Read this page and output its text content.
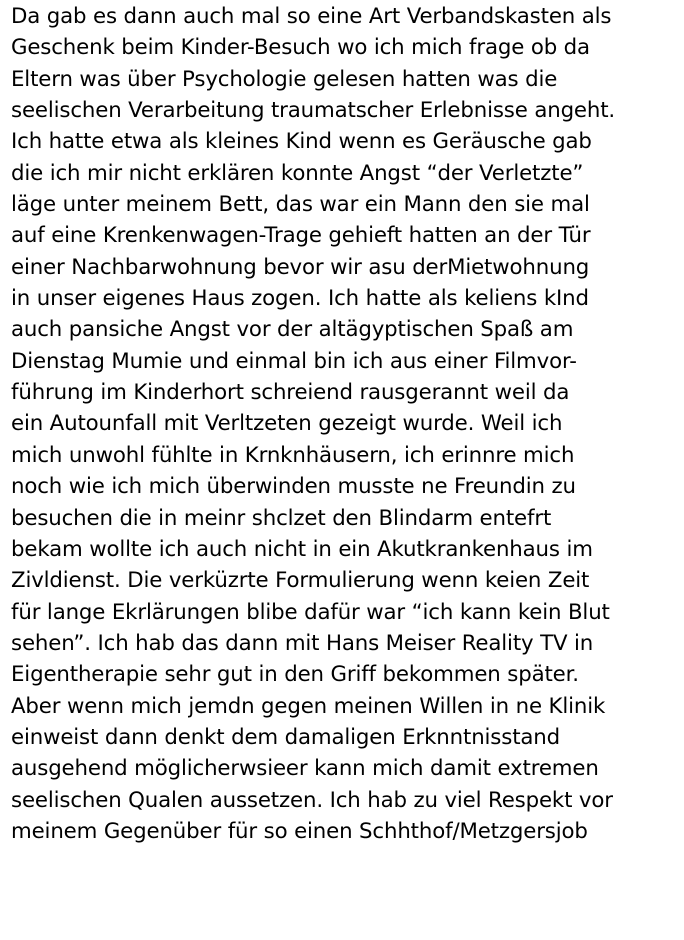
Da gab es dann auch mal so eine Art Verbandskasten als
Geschenk beim Kinder-Besuch wo ich mich frage ob da
Eltern was über Psychologie gelesen hatten was die
seelischen Verarbeitung traumatscher Erlebnisse angeht.
Ich hatte etwa als kleines Kind wenn es Geräusche gab
die ich mir nicht erklären konnte Angst “der Verletzte”
läge unter meinem Bett, das war ein Mann den sie mal
auf eine Krenkenwagen-Trage gehieft hatten an der Tür
einer Nachbarwohnung bevor wir asu derMietwohnung
in unser eigenes Haus zogen. Ich hatte als keliens kInd
auch pansiche Angst vor der altägyptischen Spaß am
Dienstag Mumie und einmal bin ich aus einer Filmvor-
führung im Kinderhort schreiend rausgerannt weil da
ein Autounfall mit Verltzeten gezeigt wurde. Weil ich
mich unwohl fühlte in Krnknhäusern, ich erinnre mich
noch wie ich mich überwinden musste ne Freundin zu
besuchen die in meinr shclzet den Blindarm entefrt
bekam wollte ich auch nicht in ein Akutkrankenhaus im
Zivldienst. Die verküzrte Formulierung wenn keien Zeit
für lange Ekrlärungen blibe dafür war “ich kann kein Blut
sehen”. Ich hab das dann mit Hans Meiser Reality TV in
Eigentherapie sehr gut in den Griff bekommen später.
Aber wenn mich jemdn gegen meinen Willen in ne Klinik
einweist dann denkt dem damaligen Erknntnisstand
ausgehend möglicherwsieer kann mich damit extremen
seelischen Qualen aussetzen. Ich hab zu viel Respekt vor
meinem Gegenüber für so einen Schhthof/Metzgersjob
